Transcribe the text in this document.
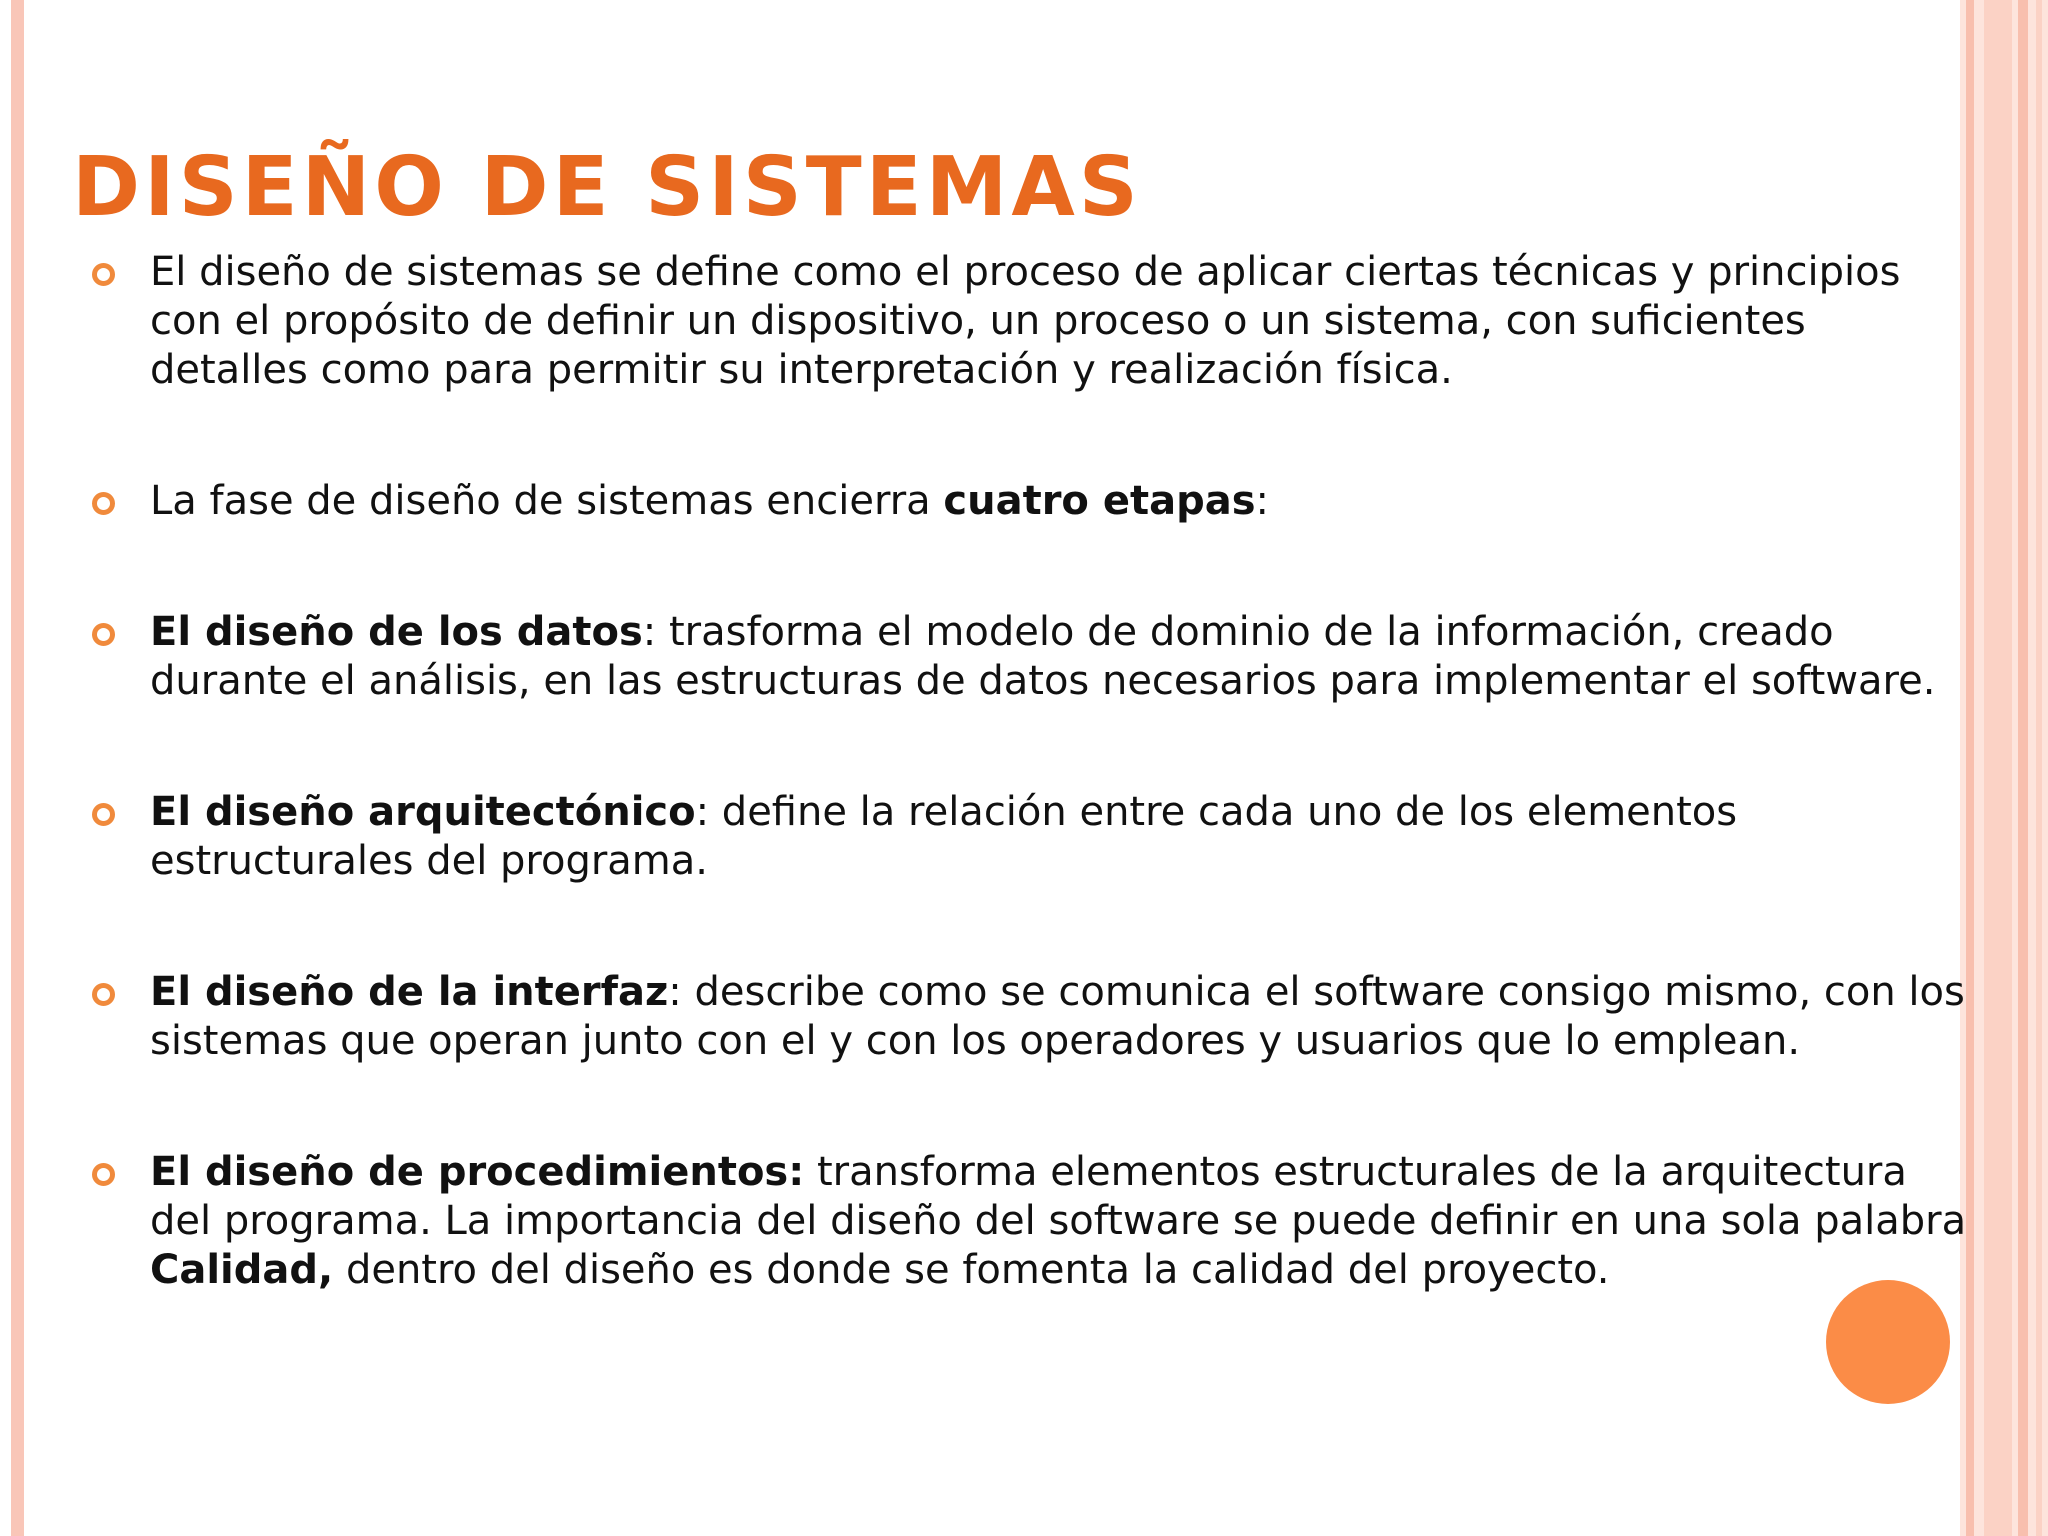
DISEÑO DE SISTEMAS
El diseño de sistemas se define como el proceso de aplicar ciertas técnicas y principios con el propósito de definir un dispositivo, un proceso o un sistema, con suficientes detalles como para permitir su interpretación y realización física.
La fase de diseño de sistemas encierra cuatro etapas:
El diseño de los datos: trasforma el modelo de dominio de la información, creado durante el análisis, en las estructuras de datos necesarios para implementar el software.
El diseño arquitectónico: define la relación entre cada uno de los elementos estructurales del programa.
El diseño de la interfaz: describe como se comunica el software consigo mismo, con los sistemas que operan junto con el y con los operadores y usuarios que lo emplean.
El diseño de procedimientos: transforma elementos estructurales de la arquitectura del programa. La importancia del diseño del software se puede definir en una sola palabra Calidad, dentro del diseño es donde se fomenta la calidad del proyecto.
